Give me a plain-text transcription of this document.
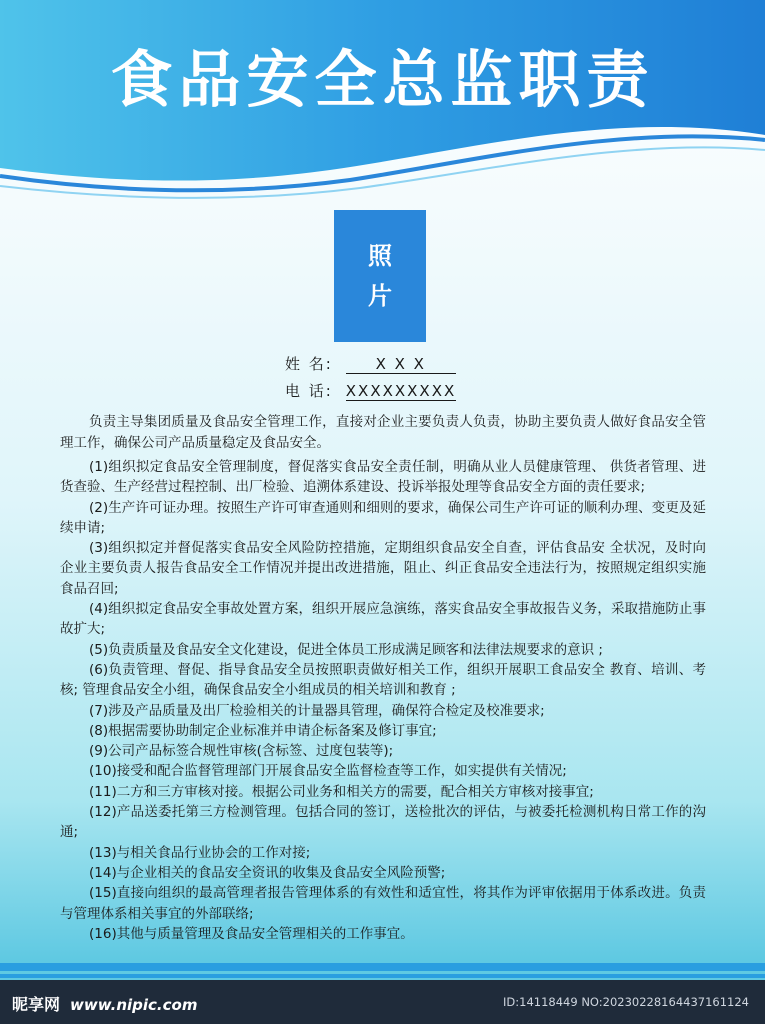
食品安全总监职责
照
片
姓 名:	X X X
电 话: XXXXXXXXX

负责主导集团质量及食品安全管理工作，直接对企业主要负责人负责，协助主要负责人做好食品安全管理工作，确保公司产品质量稳定及食品安全。

(1)组织拟定食品安全管理制度，督促落实食品安全责任制，明确从业人员健康管理、 供货者管理、进货查验、生产经营过程控制、出厂检验、追溯体系建设、投诉举报处理等食品安全方面的责任要求;

(2)生产许可证办理。按照生产许可审查通则和细则的要求，确保公司生产许可证的顺利办理、变更及延续申请;

(3)组织拟定并督促落实食品安全风险防控措施，定期组织食品安全自查，评估食品安 全状况，及时向企业主要负责人报告食品安全工作情况并提出改进措施，阻止、纠正食品安全违法行为，按照规定组织实施食品召回;

(4)组织拟定食品安全事故处置方案，组织开展应急演练，落实食品安全事故报告义务，采取措施防止事故扩大;

(5)负责质量及食品安全文化建设，促进全体员工形成满足顾客和法律法规要求的意识 ;

(6)负责管理、督促、指导食品安全员按照职责做好相关工作，组织开展职工食品安全 教育、培训、考核; 管理食品安全小组，确保食品安全小组成员的相关培训和教育 ;

(7)涉及产品质量及出厂检验相关的计量器具管理，确保符合检定及校准要求;

(8)根据需要协助制定企业标准并申请企标备案及修订事宜;

(9)公司产品标签合规性审核(含标签、过度包装等);

(10)接受和配合监督管理部门开展食品安全监督检查等工作，如实提供有关情况;

(11)二方和三方审核对接。根据公司业务和相关方的需要，配合相关方审核对接事宜;

(12)产品送委托第三方检测管理。包括合同的签订，送检批次的评估，与被委托检测机构日常工作的沟通;

(13)与相关食品行业协会的工作对接;

(14)与企业相关的食品安全资讯的收集及食品安全风险预警;

(15)直接向组织的最高管理者报告管理体系的有效性和适宜性，将其作为评审依据用于体系改进。负责与管理体系相关事宜的外部联络;

(16)其他与质量管理及食品安全管理相关的工作事宜。

昵享网 www.nipic.com	ID:14118449 NO:20230228164437161124
